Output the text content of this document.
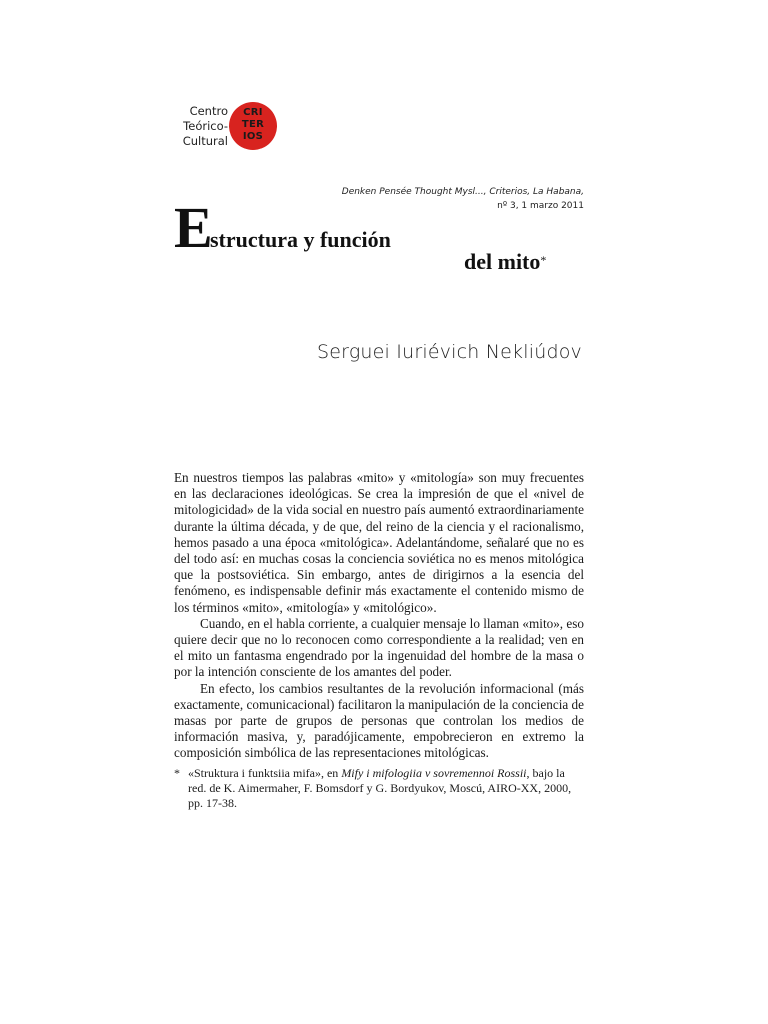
Centro
Teórico-
Cultural
CRI
TER
IOS
Denken Pensée Thought Mysl..., Criterios, La Habana,
nº 3, 1 marzo 2011
E
structura y función
del mito*
Serguei Iuriévich Nekliúdov

En nuestros tiempos las palabras «mito» y «mitología» son muy frecuentes en las declaraciones ideológicas. Se crea la impresión de que el «nivel de mitologicidad» de la vida social en nuestro país aumentó extraordinariamente durante la última década, y de que, del reino de la ciencia y el racionalismo, hemos pasado a una época «mitológica». Adelantándome, señalaré que no es del todo así: en muchas cosas la conciencia soviética no es menos mitológica que la postsoviética. Sin embargo, antes de dirigirnos a la esencia del fenómeno, es indispensable definir más exactamente el contenido mismo de los términos «mito», «mitología» y «mitológico».

Cuando, en el habla corriente, a cualquier mensaje lo llaman «mito», eso quiere decir que no lo reconocen como correspondiente a la realidad; ven en el mito un fantasma engendrado por la ingenuidad del hombre de la masa o por la intención consciente de los amantes del poder.

En efecto, los cambios resultantes de la revolución informacional (más exactamente, comunicacional) facilitaron la manipulación de la conciencia de masas por parte de grupos de personas que controlan los medios de información masiva, y, paradójicamente, empobrecieron en extremo la composición simbólica de las representaciones mitológicas.

* «Struktura i funktsiia mifa», en Mify i mifologiia v sovremennoi Rossii, bajo la red. de K. Aimermaher, F. Bomsdorf y G. Bordyukov, Moscú, AIRO-XX, 2000, pp. 17-38.
